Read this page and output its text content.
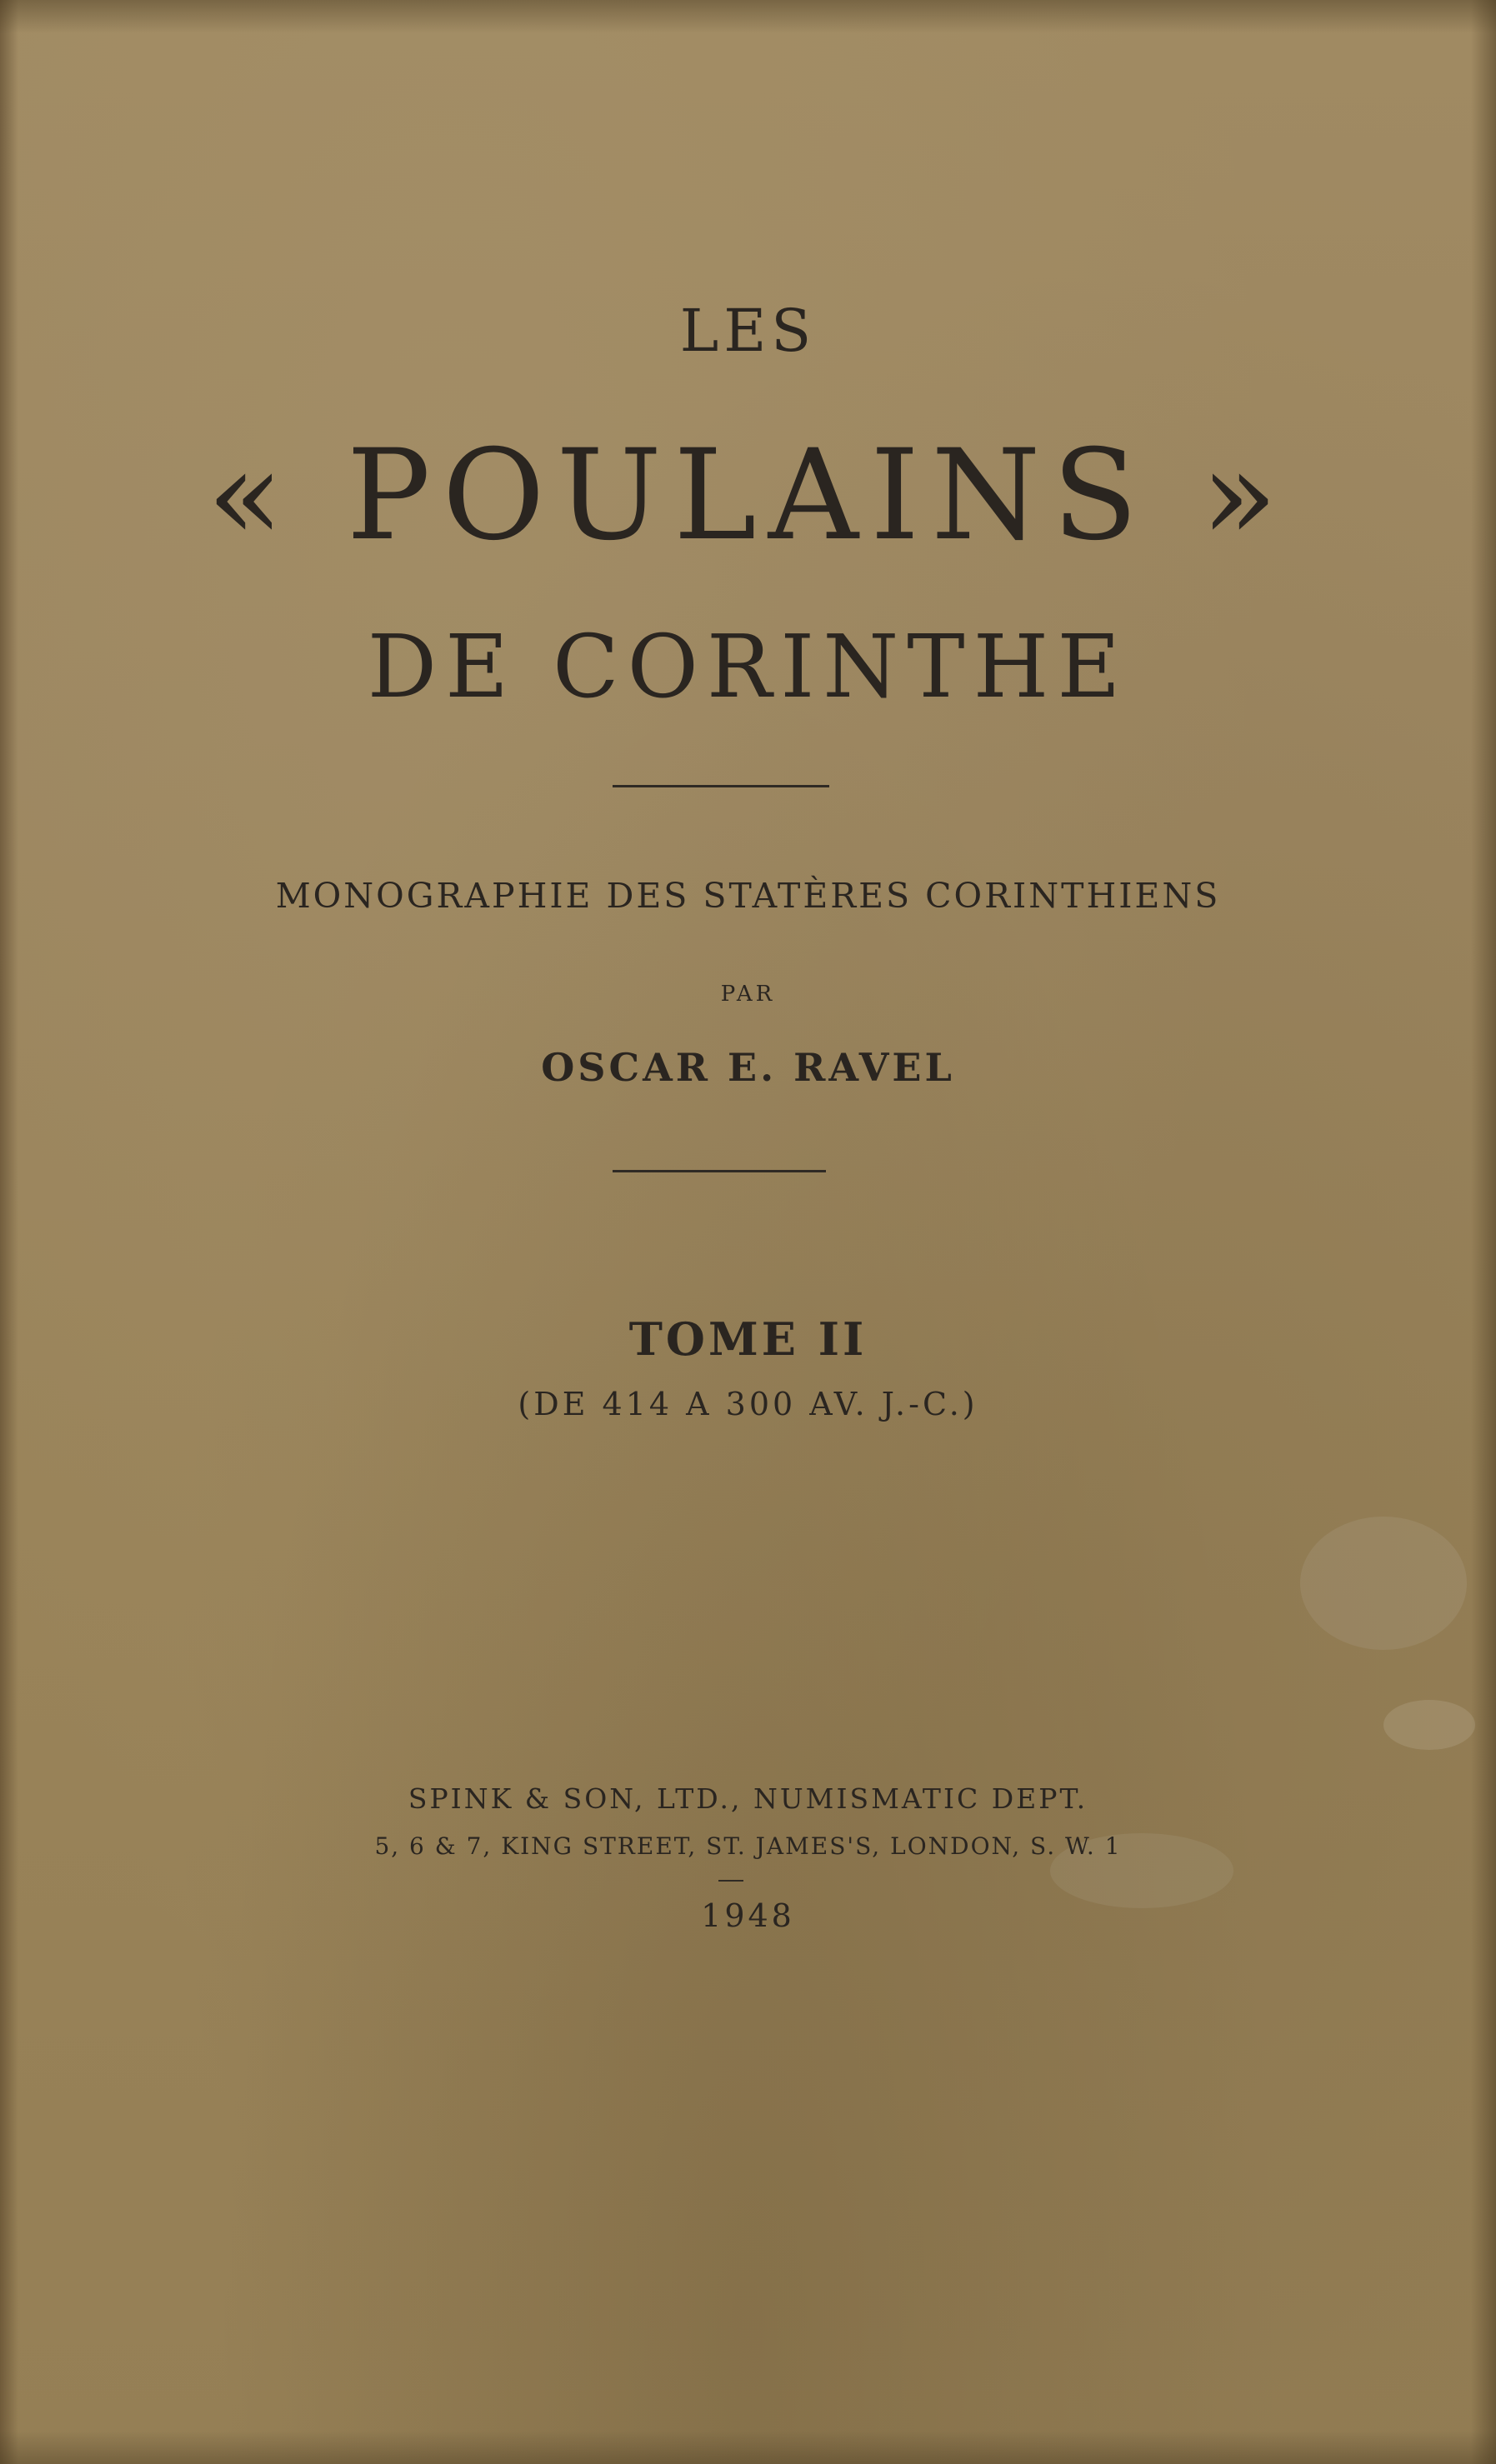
LES
« POULAINS »
DE CORINTHE
MONOGRAPHIE DES STATÈRES CORINTHIENS
PAR
OSCAR E. RAVEL
TOME II
(DE 414 A 300 AV. J.-C.)
SPINK & SON, LTD., NUMISMATIC DEPT.
5, 6 & 7, KING STREET, ST. JAMES'S, LONDON, S. W. 1
1948
